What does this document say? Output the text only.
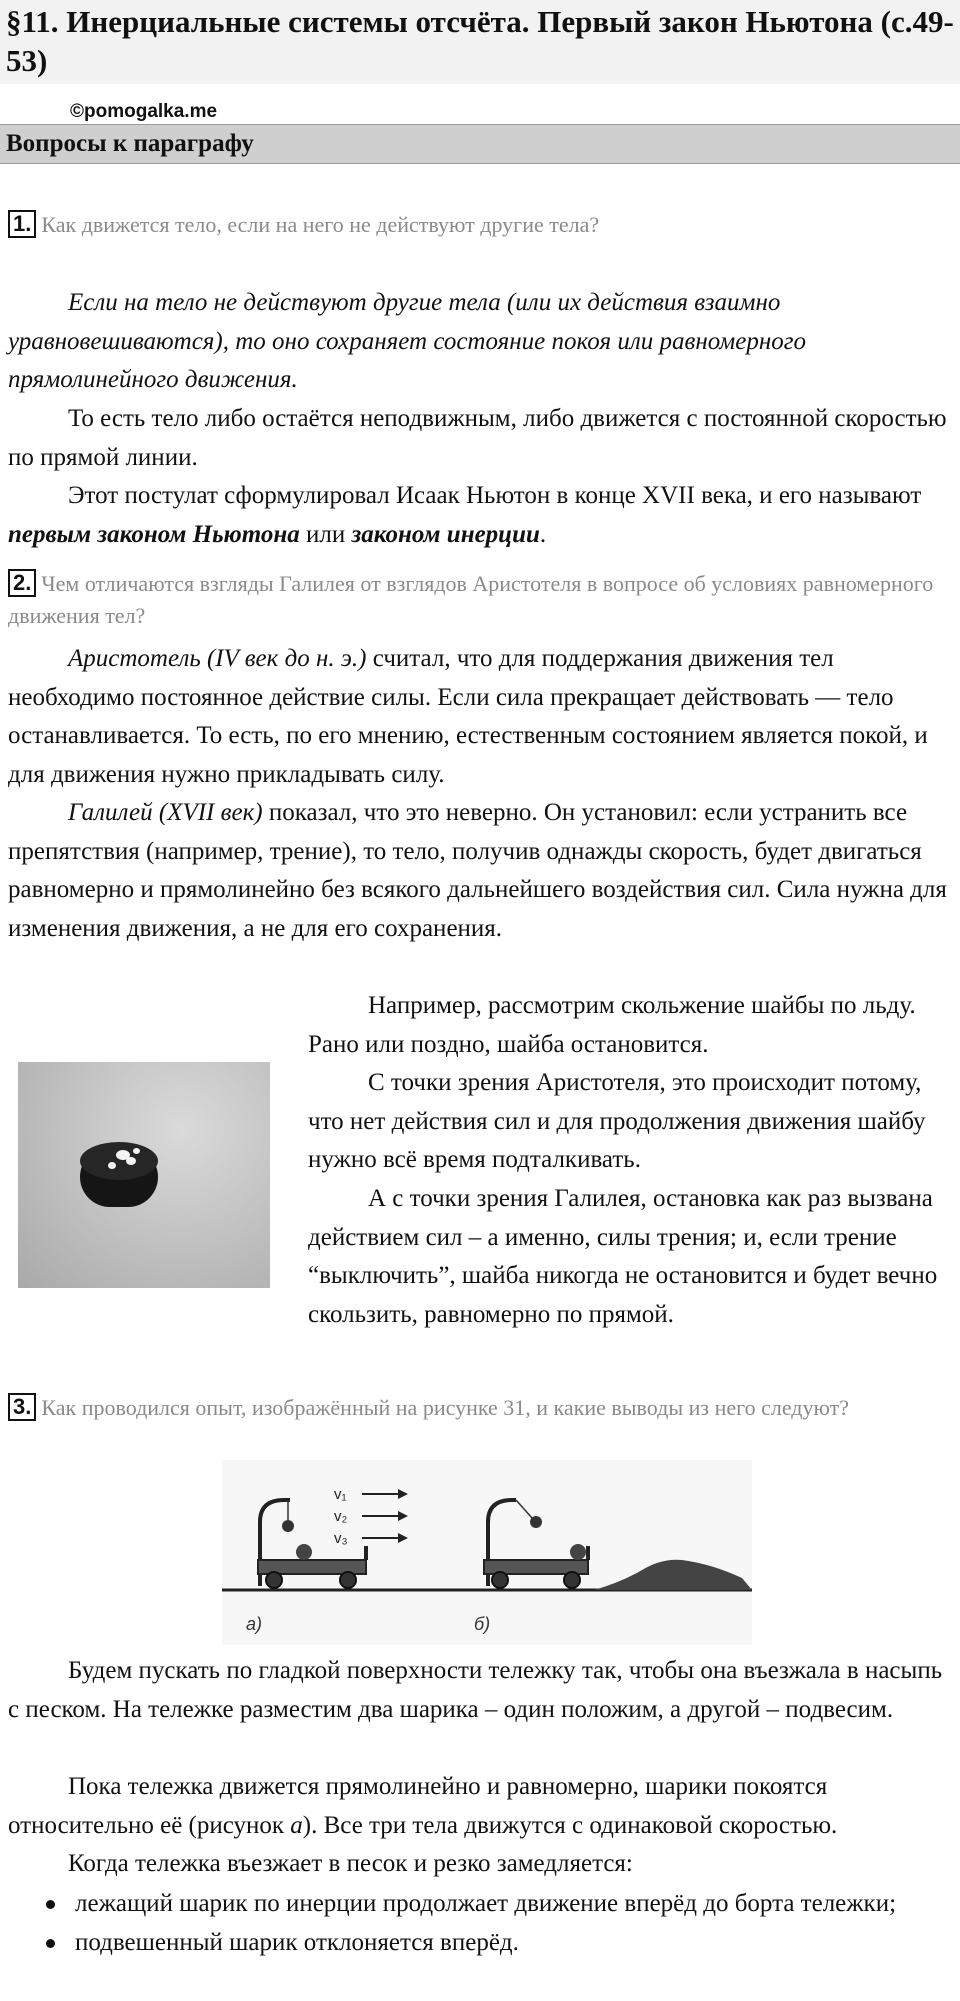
§11. Инерциальные системы отсчёта. Первый закон Ньютона (с.49-53)
©pomogalka.me
Вопросы к параграфу
1. Как движется тело, если на него не действуют другие тела?

Если на тело не действуют другие тела (или их действия взаимно уравновешиваются), то оно сохраняет состояние покоя или равномерного прямолинейного движения.

То есть тело либо остаётся неподвижным, либо движется с постоянной скоростью по прямой линии.

Этот постулат сформулировал Исаак Ньютон в конце XVII века, и его называют первым законом Ньютона или законом инерции.

2. Чем отличаются взгляды Галилея от взглядов Аристотеля в вопросе об условиях равномерного движения тел?

Аристотель (IV век до н. э.) считал, что для поддержания движения тел необходимо постоянное действие силы. Если сила прекращает действовать — тело останавливается. То есть, по его мнению, естественным состоянием является покой, и для движения нужно прикладывать силу.

Галилей (XVII век) показал, что это неверно. Он установил: если устранить все препятствия (например, трение), то тело, получив однажды скорость, будет двигаться равномерно и прямолинейно без всякого дальнейшего воздействия сил. Сила нужна для изменения движения, а не для его сохранения.

Например, рассмотрим скольжение шайбы по льду. Рано или поздно, шайба остановится.

С точки зрения Аристотеля, это происходит потому, что нет действия сил и для продолжения движения шайбу нужно всё время подталкивать.

А с точки зрения Галилея, остановка как раз вызвана действием сил – а именно, силы трения; и, если трение “выключить”, шайба никогда не остановится и будет вечно скользить, равномерно по прямой.

3. Как проводился опыт, изображённый на рисунке 31, и какие выводы из него следуют?
v₁
v₂
v₃
а)	б)

Будем пускать по гладкой поверхности тележку так, чтобы она въезжала в насыпь с песком. На тележке разместим два шарика – один положим, а другой – подвесим.

Пока тележка движется прямолинейно и равномерно, шарики покоятся относительно её (рисунок а). Все три тела движутся с одинаковой скоростью.

Когда тележка въезжает в песок и резко замедляется:

лежащий шарик по инерции продолжает движение вперёд до борта тележки;
подвешенный шарик отклоняется вперёд.
